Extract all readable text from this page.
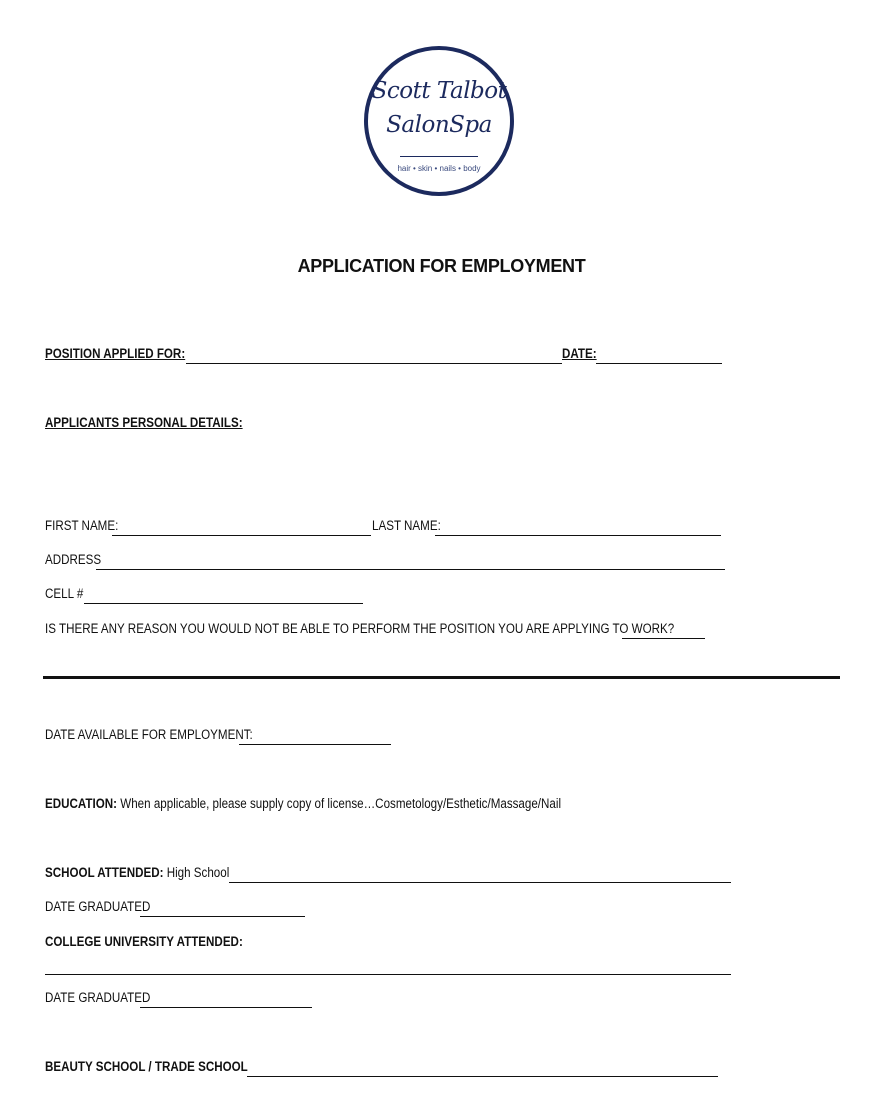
Scott Talbot
SalonSpa
hair • skin • nails • body
APPLICATION FOR EMPLOYMENT
POSITION APPLIED FOR:	DATE:
APPLICANTS PERSONAL DETAILS:
FIRST NAME:	LAST NAME:
ADDRESS
CELL #
IS THERE ANY REASON YOU WOULD NOT BE ABLE TO PERFORM THE POSITION YOU ARE APPLYING TO WORK?
DATE AVAILABLE FOR EMPLOYMENT:
EDUCATION: When applicable, please supply copy of license…Cosmetology/Esthetic/Massage/Nail
SCHOOL ATTENDED: High School
DATE GRADUATED
COLLEGE UNIVERSITY ATTENDED:
DATE GRADUATED
BEAUTY SCHOOL / TRADE SCHOOL
